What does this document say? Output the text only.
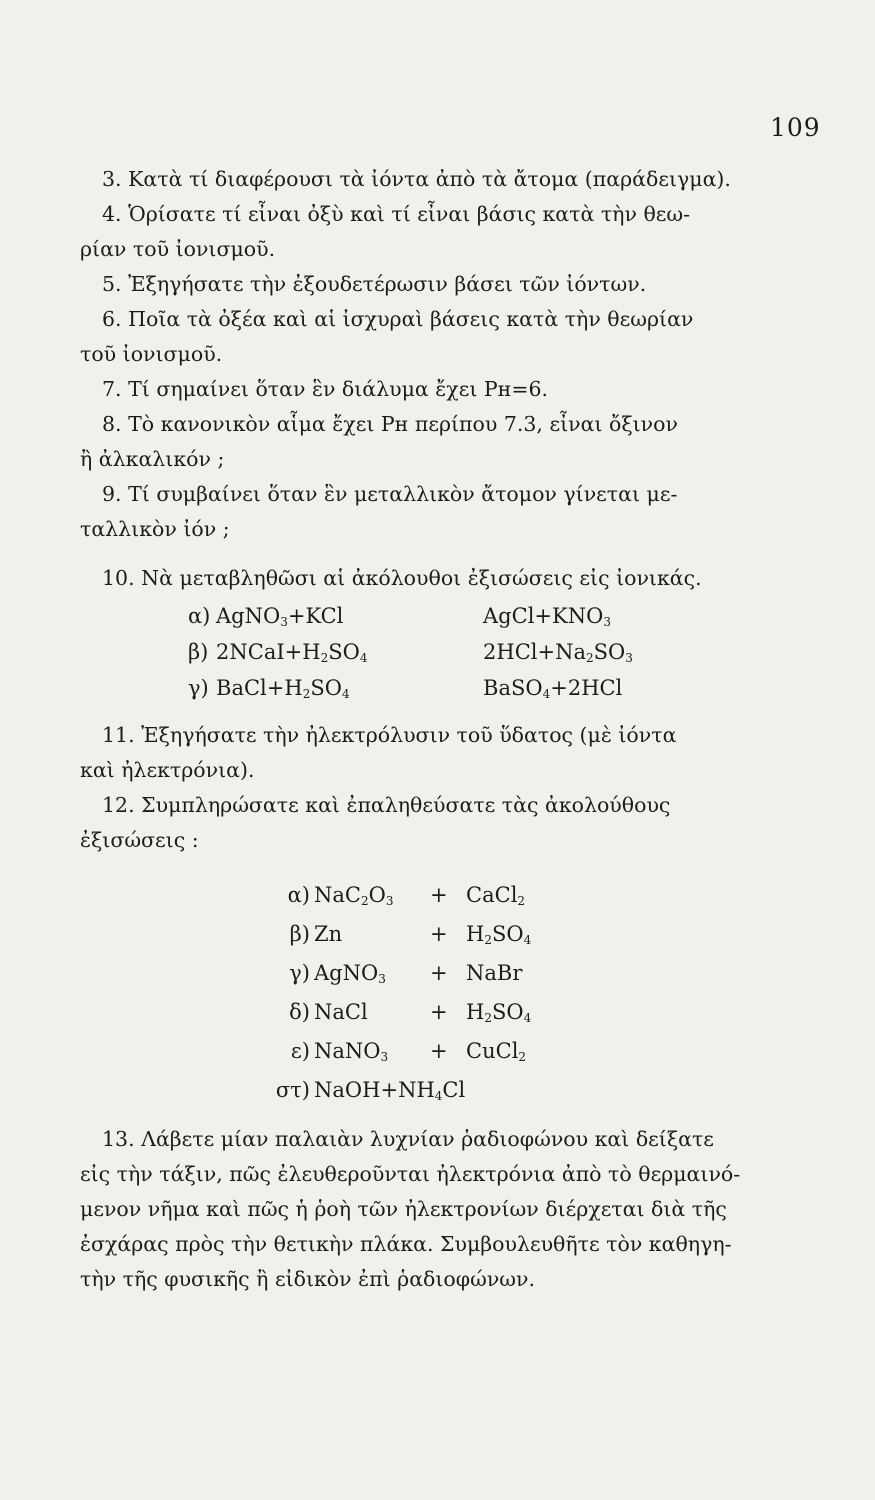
109

3. Κατὰ τί διαφέρουσι τὰ ἰόντα ἀπὸ τὰ ἄτομα (παράδειγμα).

4. Ὁρίσατε τί εἶναι ὀξὺ καὶ τί εἶναι βάσις κατὰ τὴν θεω-

ρίαν τοῦ ἰονισμοῦ.

5. Ἐξηγήσατε τὴν ἐξουδετέρωσιν βάσει τῶν ἰόντων.

6. Ποῖα τὰ ὀξέα καὶ αἱ ἰσχυραὶ βάσεις κατὰ τὴν θεωρίαν

τοῦ ἰονισμοῦ.

7. Τί σημαίνει ὅταν ἓν διάλυμα ἔχει Pн=6.

8. Τὸ κανονικὸν αἷμα ἔχει Pн περίπου 7.3, εἶναι ὄξινον

ἢ ἀλκαλικόν ;

9. Τί συμβαίνει ὅταν ἓν μεταλλικὸν ἄτομον γίνεται με-

ταλλικὸν ἰόν ;

10. Νὰ μεταβληθῶσι αἱ ἀκόλουθοι ἐξισώσεις εἰς ἰονικάς.

α)	AgNO$_3$+KCl	$AgCl+KNO_3$
β)	$2NCaI+H_2SO_4$	$2HCl+Na_2SO_3$
γ)	$BaCl+H_2SO_4$	BaSO$_4$+2HCl

11. Ἐξηγήσατε τὴν ἠλεκτρόλυσιν τοῦ ὕδατος (μὲ ἰόντα

καὶ ἠλεκτρόνια).

12. Συμπληρώσατε καὶ ἐπαληθεύσατε τὰς ἀκολούθους

ἐξισώσεις :

α)	$NaC_2O_3$	+	CaCl$_2$
β)	Zn	+	$H_2SO_4$
γ)	AgNO$_3$	+	NaBr
δ)	NaCl	+	$H_2SO_4$
ε)	NaNO$_3$	+	CuCl$_2$
στ)	$NaOH+NH_4Cl$		

13. Λάβετε μίαν παλαιὰν λυχνίαν ῥαδιοφώνου καὶ δείξατε

εἰς τὴν τάξιν, πῶς ἐλευθεροῦνται ἠλεκτρόνια ἀπὸ τὸ θερμαινό-

μενον νῆμα καὶ πῶς ἡ ῥοὴ τῶν ἠλεκτρονίων διέρχεται διὰ τῆς

ἐσχάρας πρὸς τὴν θετικὴν πλάκα. Συμβουλευθῆτε τὸν καθηγη-

τὴν τῆς φυσικῆς ἢ εἰδικὸν ἐπὶ ῥαδιοφώνων.
